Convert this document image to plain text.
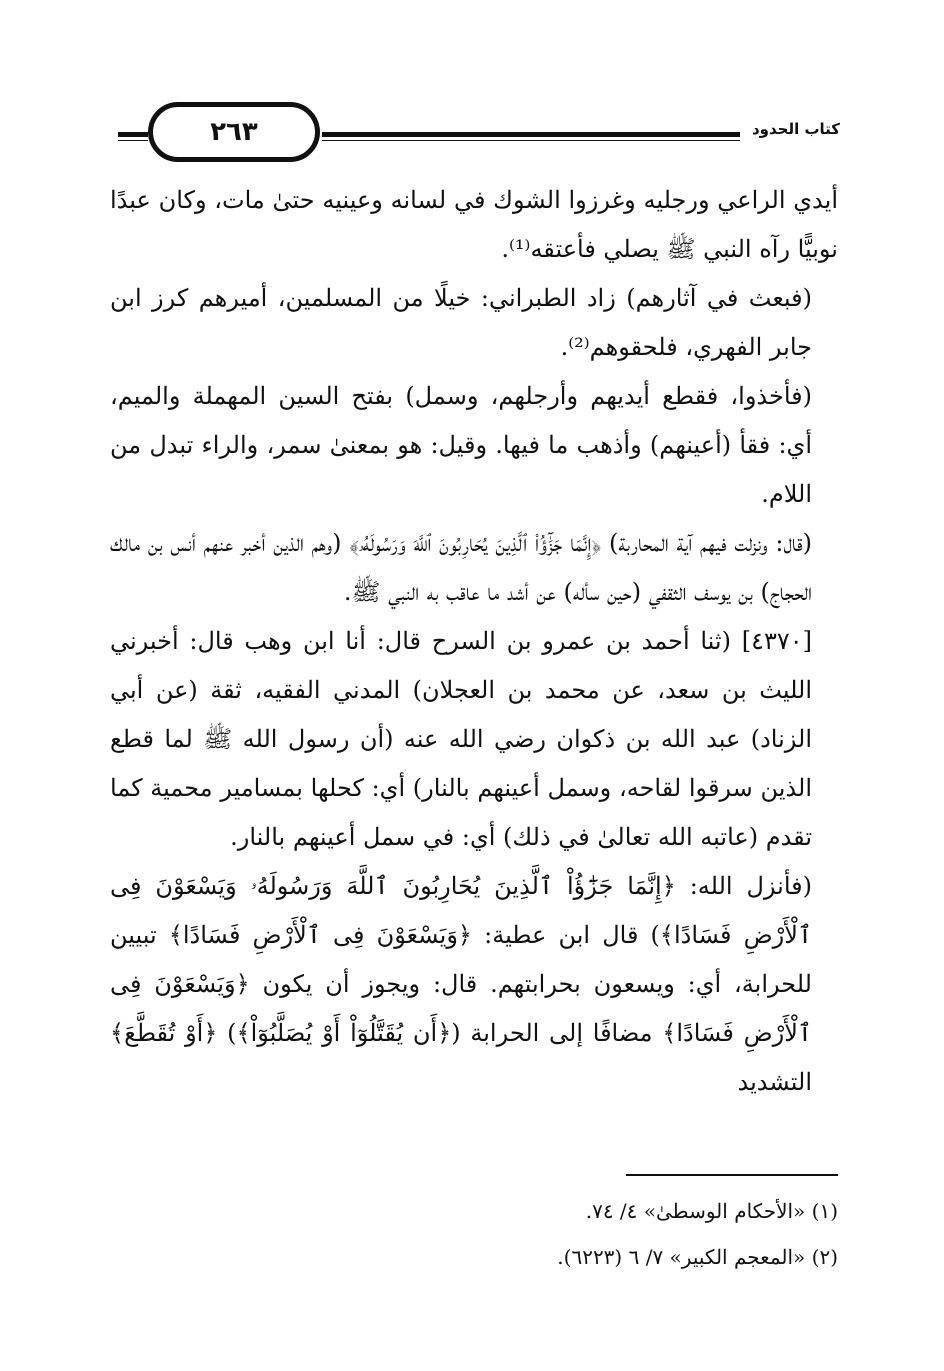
٢٦٣	كتاب الحدود

أيدي الراعي ورجليه وغرزوا الشوك في لسانه وعينيه حتىٰ مات، وكان عبدًا نوبيًّا رآه النبي ﷺ يصلي فأعتقه⁽¹⁾.

(فبعث في آثارهم) زاد الطبراني: خيلًا من المسلمين، أميرهم كرز ابن جابر الفهري، فلحقوهم⁽²⁾.

(فأخذوا، فقطع أيديهم وأرجلهم، وسمل) بفتح السين المهملة والميم، أي: فقأ (أعينهم) وأذهب ما فيها. وقيل: هو بمعنىٰ سمر، والراء تبدل من اللام.

(قال: ونزلت فيهم آية المحاربة) ﴿إِنَّمَا جَزَٰٓؤُاْ ٱلَّذِينَ يُحَارِبُونَ ٱللَّهَ وَرَسُولَهُۥ﴾ (وهم الذين أخبر عنهم أنس بن مالك الحجاج) بن يوسف الثقفي (حين سأله) عن أشد ما عاقب به النبي ﷺ.

[٤٣٧٠] (ثنا أحمد بن عمرو بن السرح قال: أنا ابن وهب قال: أخبرني الليث بن سعد، عن محمد بن العجلان) المدني الفقيه، ثقة (عن أبي الزناد) عبد الله بن ذكوان رضي الله عنه (أن رسول الله ﷺ لما قطع الذين سرقوا لقاحه، وسمل أعينهم بالنار) أي: كحلها بمسامير محمية كما تقدم (عاتبه الله تعالىٰ في ذلك) أي: في سمل أعينهم بالنار.

(فأنزل الله: ﴿إِنَّمَا جَزَٰٓؤُاْ ٱلَّذِينَ يُحَارِبُونَ ٱللَّهَ وَرَسُولَهُۥ وَيَسْعَوْنَ فِى ٱلْأَرْضِ فَسَادًا﴾) قال ابن عطية: ﴿وَيَسْعَوْنَ فِى ٱلْأَرْضِ فَسَادًا﴾ تبيين للحرابة، أي: ويسعون بحرابتهم. قال: ويجوز أن يكون ﴿وَيَسْعَوْنَ فِى ٱلْأَرْضِ فَسَادًا﴾ مضافًا إلى الحرابة (﴿أَن يُقَتَّلُوٓاْ أَوْ يُصَلَّبُوٓاْ﴾) ﴿أَوْ تُقَطَّعَ﴾ التشديد

(١) «الأحكام الوسطىٰ» ٤/ ٧٤.

(٢) «المعجم الكبير» ٧/ ٦ (٦٢٢٣).
